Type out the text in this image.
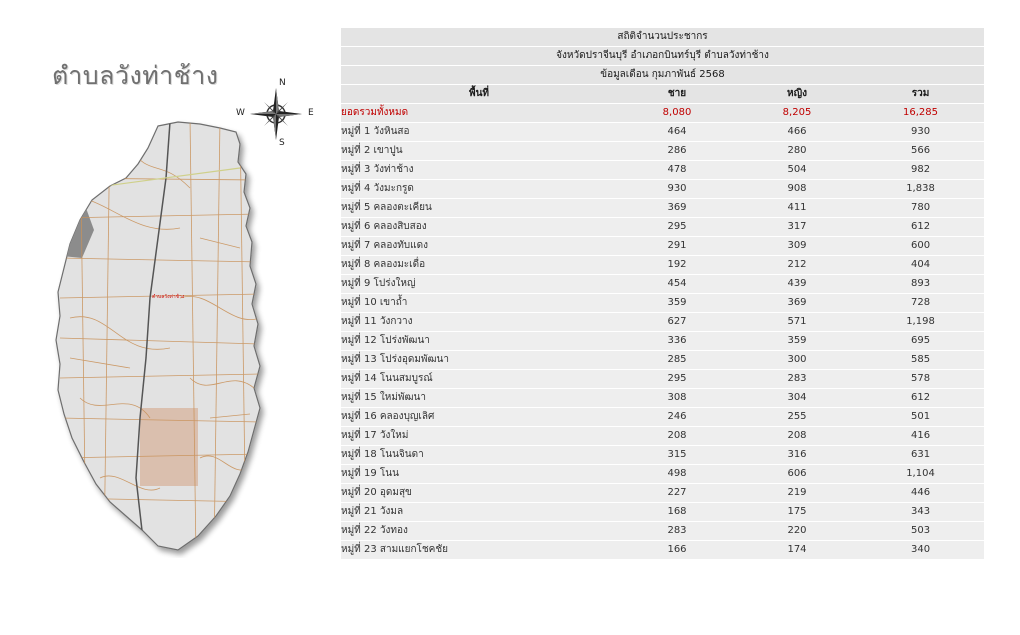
ตำบลวังท่าช้าง	N
S
W	E
ตำบลวังท่าช้าง
สถิติจำนวนประชากร			
จังหวัดปราจีนบุรี อำเภอกบินทร์บุรี ตำบลวังท่าช้าง			
ข้อมูลเดือน กุมภาพันธ์ 2568			
พื้นที่	ชาย	หญิง	รวม
ยอดรวมทั้งหมด	8,080	8,205	16,285
หมู่ที่ 1 วังหินสอ	464	466	930
หมู่ที่ 2 เขาปูน	286	280	566
หมู่ที่ 3 วังท่าช้าง	478	504	982
หมู่ที่ 4 วังมะกรูด	930	908	1,838
หมู่ที่ 5 คลองตะเคียน	369	411	780
หมู่ที่ 6 คลองสิบสอง	295	317	612
หมู่ที่ 7 คลองทับแดง	291	309	600
หมู่ที่ 8 คลองมะเดื่อ	192	212	404
หมู่ที่ 9 โปร่งใหญ่	454	439	893
หมู่ที่ 10 เขาถ้ำ	359	369	728
หมู่ที่ 11 วังกวาง	627	571	1,198
หมู่ที่ 12 โปร่งพัฒนา	336	359	695
หมู่ที่ 13 โปร่งอุดมพัฒนา	285	300	585
หมู่ที่ 14 โนนสมบูรณ์	295	283	578
หมู่ที่ 15 ใหม่พัฒนา	308	304	612
หมู่ที่ 16 คลองบุญเลิศ	246	255	501
หมู่ที่ 17 วังใหม่	208	208	416
หมู่ที่ 18 โนนจินดา	315	316	631
หมู่ที่ 19 โนน	498	606	1,104
หมู่ที่ 20 อุดมสุข	227	219	446
หมู่ที่ 21 วังมล	168	175	343
หมู่ที่ 22 วังทอง	283	220	503
หมู่ที่ 23 สามแยกโชคชัย	166	174	340
